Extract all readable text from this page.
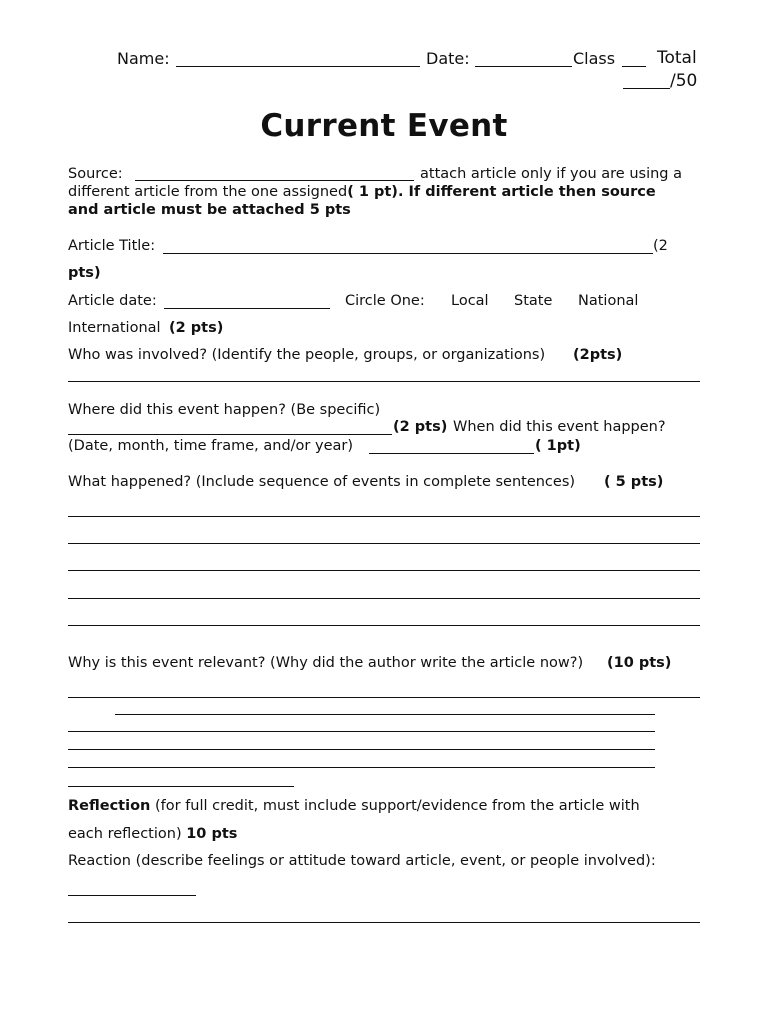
Name:	Date:	Class Total
/50
Current Event
Source:	attach article only if you are using a
different article from the one assigned( 1 pt). If different article then source
and article must be attached 5 pts
Article Title:	(2
pts)
Article date:	Circle One: Local State National
International (2 pts)
Who was involved? (Identify the people, groups, or organizations) (2pts)
Where did this event happen? (Be specific)
(2 pts) When did this event happen?
(Date, month, time frame, and/or year)	( 1pt)
What happened? (Include sequence of events in complete sentences) ( 5 pts)
Why is this event relevant? (Why did the author write the article now?) (10 pts)
Reflection (for full credit, must include support/evidence from the article with
each reflection) 10 pts
Reaction (describe feelings or attitude toward article, event, or people involved):
